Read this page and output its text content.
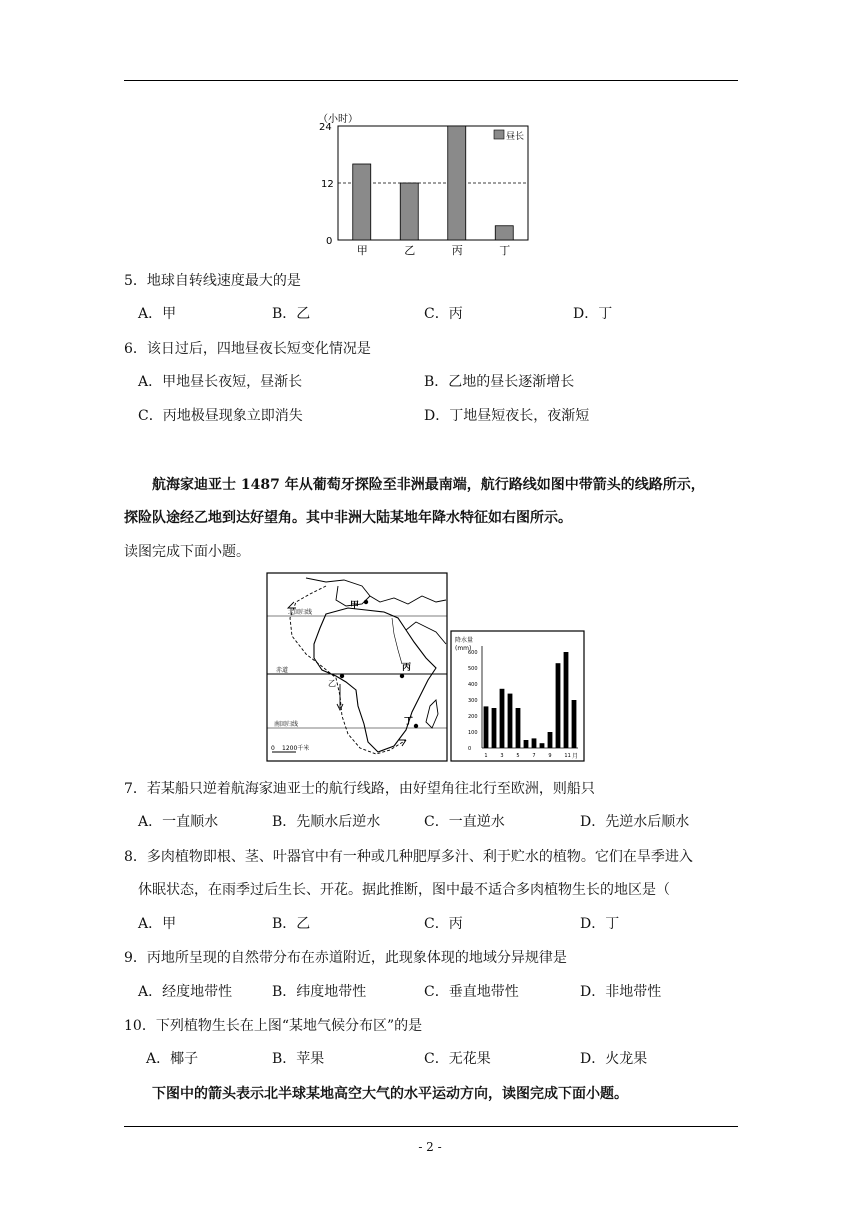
（小时）
24
12
0
昼长
甲	乙	丙	丁
5．地球自转线速度最大的是
A．甲	B．乙	C．丙	D．丁
6．该日过后，四地昼夜长短变化情况是
A．甲地昼长夜短，昼渐长	B．乙地的昼长逐渐增长
C．丙地极昼现象立即消失	D．丁地昼短夜长，夜渐短
航海家迪亚士 1487 年从葡萄牙探险至非洲最南端，航行路线如图中带箭头的线路所示，
探险队途经乙地到达好望角。其中非洲大陆某地年降水特征如右图所示。
读图完成下面小题。
北回归线
赤道
南回归线
甲
乙
丙
丁
0 1200千米
降水量
(mm)
600
500
400
300
200
100
0
1	3	5	7	9	11 月
7．若某船只逆着航海家迪亚士的航行线路，由好望角往北行至欧洲，则船只
A．一直顺水	B．先顺水后逆水	C．一直逆水	D．先逆水后顺水
8．多肉植物即根、茎、叶器官中有一种或几种肥厚多汁、利于贮水的植物。它们在旱季进入
休眠状态，在雨季过后生长、开花。据此推断，图中最不适合多肉植物生长的地区是（
A．甲	B．乙	C．丙	D．丁
9．丙地所呈现的自然带分布在赤道附近，此现象体现的地域分异规律是
A．经度地带性	B．纬度地带性	C．垂直地带性	D．非地带性
10．下列植物生长在上图“某地气候分布区”的是
A．椰子	B．苹果	C．无花果	D．火龙果
下图中的箭头表示北半球某地高空大气的水平运动方向，读图完成下面小题。
- 2 -
